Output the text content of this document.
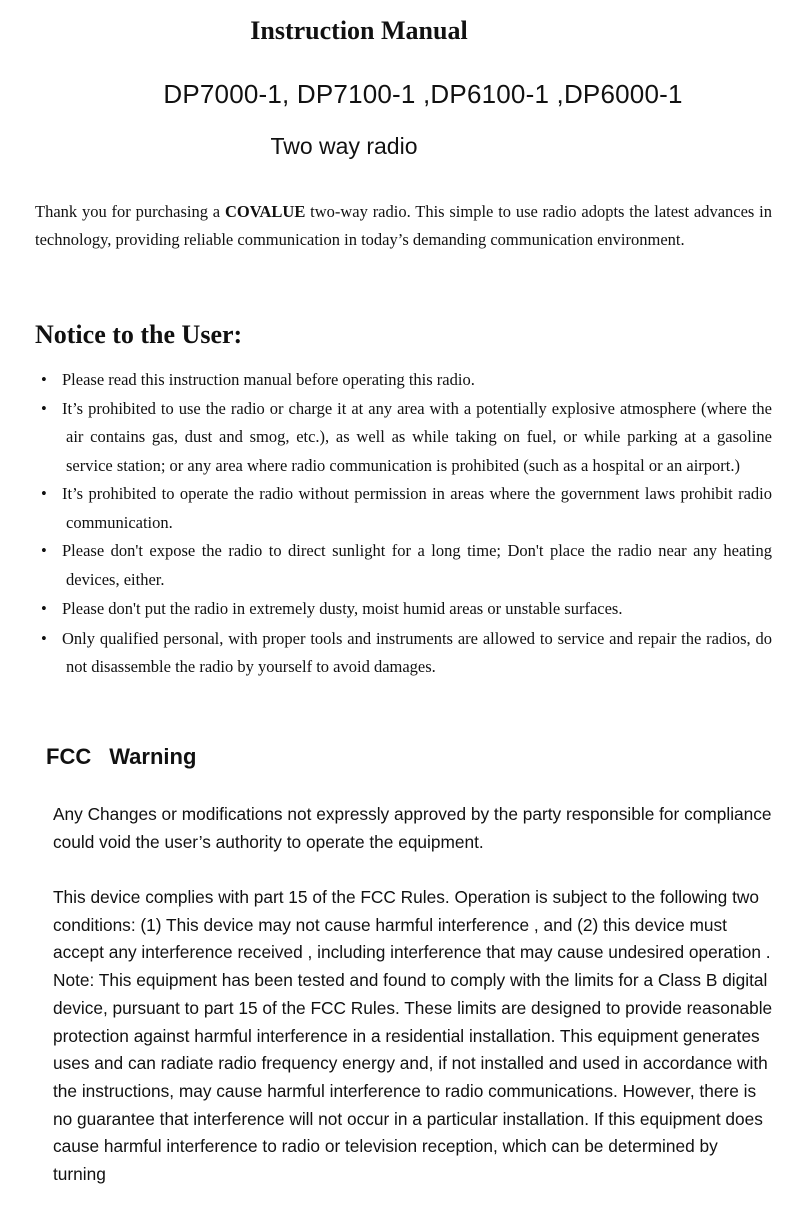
Instruction Manual
DP7000-1, DP7100-1 ,DP6100-1 ,DP6000-1
Two way radio

Thank you for purchasing a COVALUE two-way radio. This simple to use radio adopts the latest advances in technology, providing reliable communication in today’s demanding communication environment.

Notice to the User:
• Please read this instruction manual before operating this radio.
• It’s prohibited to use the radio or charge it at any area with a potentially explosive atmosphere (where the air contains gas, dust and smog, etc.), as well as while taking on fuel, or while parking at a gasoline service station; or any area where radio communication is prohibited (such as a hospital or an airport.)
• It’s prohibited to operate the radio without permission in areas where the government laws prohibit radio communication.
• Please don't expose the radio to direct sunlight for a long time; Don't place the radio near any heating devices, either.
• Please don't put the radio in extremely dusty, moist humid areas or unstable surfaces.
• Only qualified personal, with proper tools and instruments are allowed to service and repair the radios, do not disassemble the radio by yourself to avoid damages.
FCC Warning

Any Changes or modifications not expressly approved by the party responsible for compliance could void the user’s authority to operate the equipment.

This device complies with part 15 of the FCC Rules. Operation is subject to the following two conditions: (1) This device may not cause harmful interference , and (2) this device must accept any interference received , including interference that may cause undesired operation . Note: This equipment has been tested and found to comply with the limits for a Class B digital device, pursuant to part 15 of the FCC Rules. These limits are designed to provide reasonable protection against harmful interference in a residential installation. This equipment generates uses and can radiate radio frequency energy and, if not installed and used in accordance with the instructions, may cause harmful interference to radio communications. However, there is no guarantee that interference will not occur in a particular installation. If this equipment does cause harmful interference to radio or television reception, which can be determined by turning
